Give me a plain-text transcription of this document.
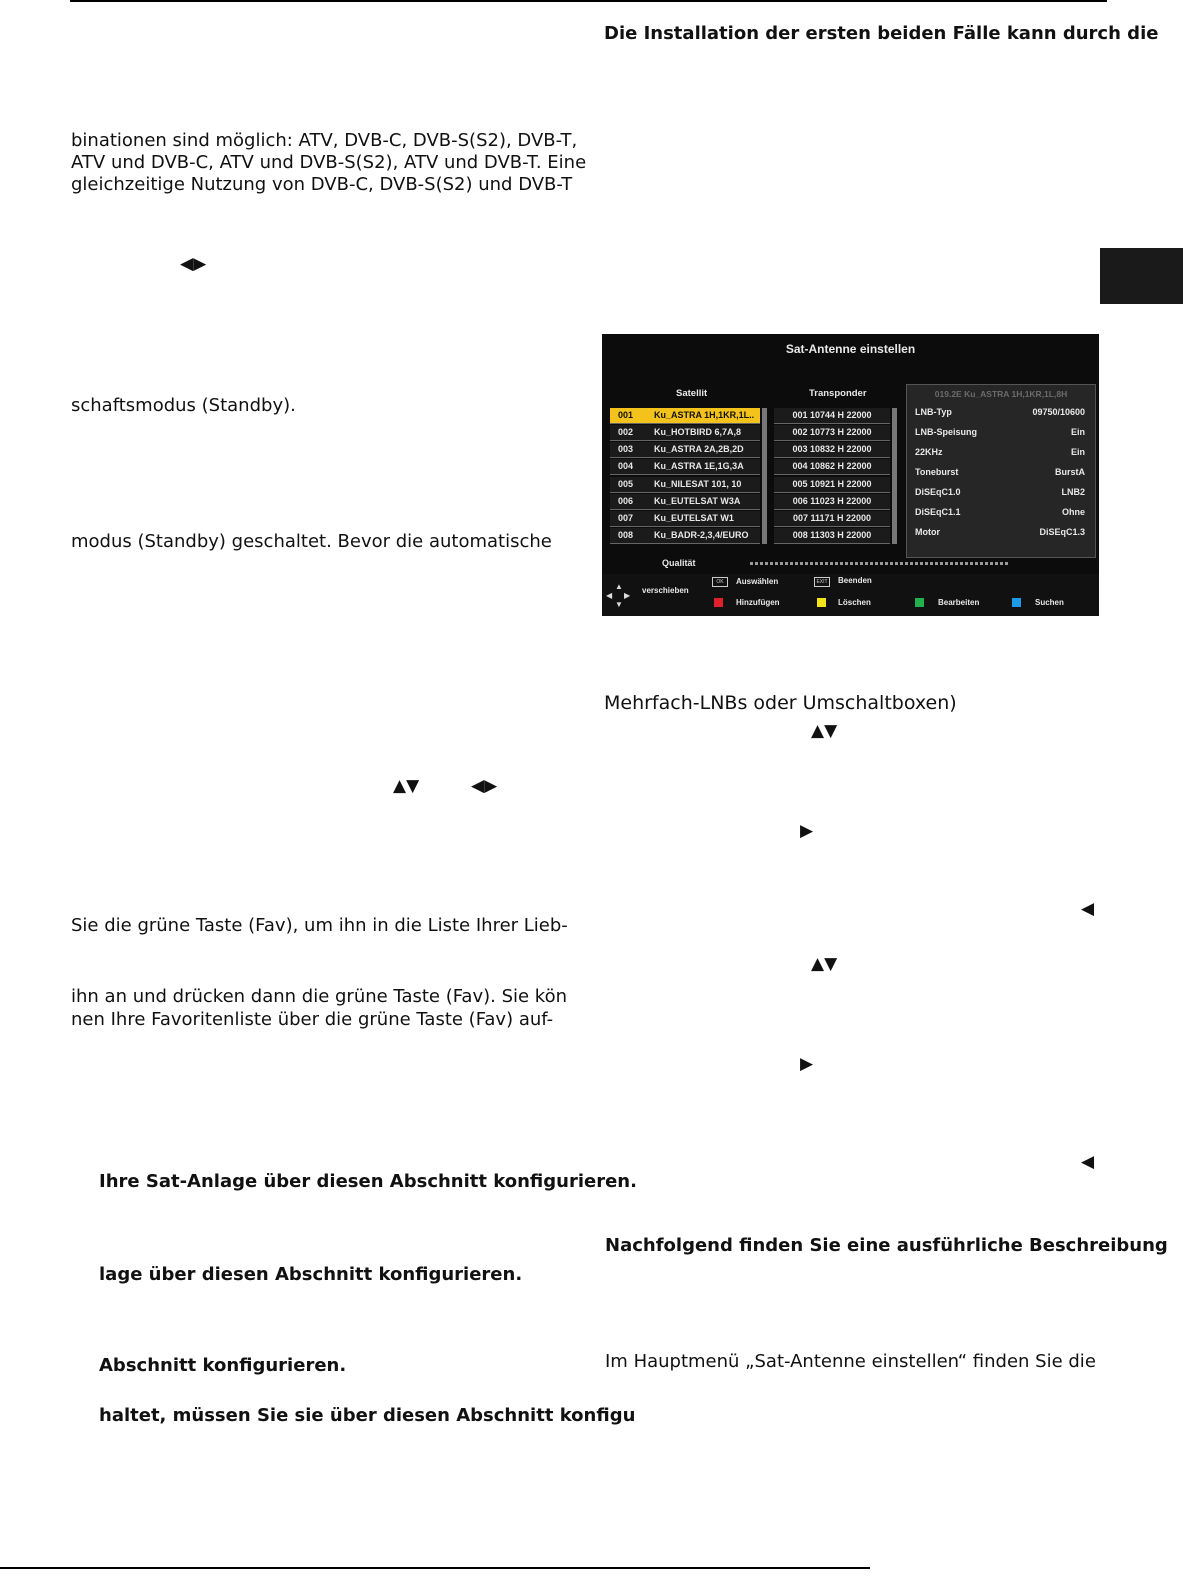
binationen sind möglich: ATV, DVB-C, DVB-S(S2), DVB-T,
ATV und DVB-C, ATV und DVB-S(S2), ATV und DVB-T. Eine
gleichzeitige Nutzung von DVB-C, DVB-S(S2) und DVB-T
◀▶
schaftsmodus (Standby).
modus (Standby) geschaltet. Bevor die automatische
▲▼	◀▶
Sie die grüne Taste (Fav), um ihn in die Liste Ihrer Lieb-
ihn an und drücken dann die grüne Taste (Fav). Sie kön
nen Ihre Favoritenliste über die grüne Taste (Fav) auf-
Ihre Sat-Anlage über diesen Abschnitt konfigurieren.
lage über diesen Abschnitt konfigurieren.
Abschnitt konfigurieren.
haltet, müssen Sie sie über diesen Abschnitt konfigu
Die Installation der ersten beiden Fälle kann durch die
Sat-Antenne einstellen
Satellit	Transponder
001 Ku_ASTRA 1H,1KR,1L..
002 Ku_HOTBIRD 6,7A,8
003 Ku_ASTRA 2A,2B,2D
004 Ku_ASTRA 1E,1G,3A
005 Ku_NILESAT 101, 10
006 Ku_EUTELSAT W3A
007 Ku_EUTELSAT W1
008 Ku_BADR-2,3,4/EURO
001 10744 H 22000
002 10773 H 22000
003 10832 H 22000
004 10862 H 22000
005 10921 H 22000
006 11023 H 22000
007 11171 H 22000
008 11303 H 22000
019.2E Ku_ASTRA 1H,1KR,1L,8H
LNB-Typ	09750/10600
LNB-Speisung	Ein
22KHz	Ein
Toneburst	BurstA
DiSEqC1.0	LNB2
DiSEqC1.1	Ohne
Motor	DiSEqC1.3
Qualität
▲
◀ ▶
▼
verschieben
OK	Auswählen	EXIT	Beenden
Hinzufügen	Löschen	Bearbeiten	Suchen
Mehrfach-LNBs oder Umschaltboxen)
▲▼
▶
◀
▲▼
▶
◀
Nachfolgend finden Sie eine ausführliche Beschreibung
Im Hauptmenü „Sat-Antenne einstellen“ finden Sie die
